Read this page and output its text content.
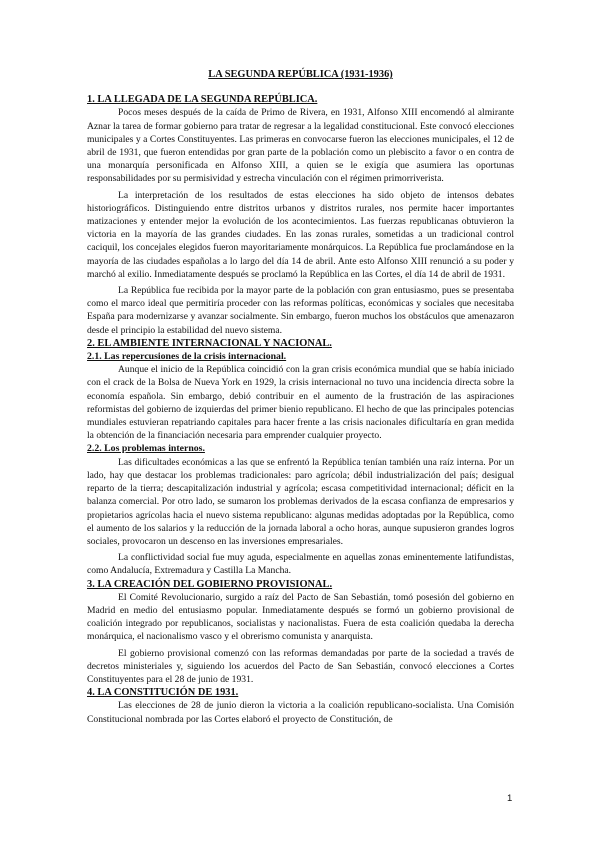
LA SEGUNDA REPÚBLICA (1931-1936)
1. LA LLEGADA DE LA SEGUNDA REPÚBLICA.

Pocos meses después de la caída de Primo de Rivera, en 1931, Alfonso XIII encomendó al almirante Aznar la tarea de formar gobierno para tratar de regresar a la legalidad constitucional. Este convocó elecciones municipales y a Cortes Constituyentes. Las primeras en convocarse fueron las elecciones municipales, el 12 de abril de 1931, que fueron entendidas por gran parte de la población como un plebiscito a favor o en contra de una monarquía personificada en Alfonso XIII, a quien se le exigía que asumiera las oportunas responsabilidades por su permisividad y estrecha vinculación con el régimen primorriverista.

La interpretación de los resultados de estas elecciones ha sido objeto de intensos debates historiográficos. Distinguiendo entre distritos urbanos y distritos rurales, nos permite hacer importantes matizaciones y entender mejor la evolución de los acontecimientos. Las fuerzas republicanas obtuvieron la victoria en la mayoría de las grandes ciudades. En las zonas rurales, sometidas a un tradicional control caciquil, los concejales elegidos fueron mayoritariamente monárquicos. La República fue proclamándose en la mayoría de las ciudades españolas a lo largo del día 14 de abril. Ante esto Alfonso XIII renunció a su poder y marchó al exilio. Inmediatamente después se proclamó la República en las Cortes, el día 14 de abril de 1931.

La República fue recibida por la mayor parte de la población con gran entusiasmo, pues se presentaba como el marco ideal que permitiría proceder con las reformas políticas, económicas y sociales que necesitaba España para modernizarse y avanzar socialmente. Sin embargo, fueron muchos los obstáculos que amenazaron desde el principio la estabilidad del nuevo sistema.

2. EL AMBIENTE INTERNACIONAL Y NACIONAL.
2.1. Las repercusiones de la crisis internacional.

Aunque el inicio de la República coincidió con la gran crisis económica mundial que se había iniciado con el crack de la Bolsa de Nueva York en 1929, la crisis internacional no tuvo una incidencia directa sobre la economía española. Sin embargo, debió contribuir en el aumento de la frustración de las aspiraciones reformistas del gobierno de izquierdas del primer bienio republicano. El hecho de que las principales potencias mundiales estuvieran repatriando capitales para hacer frente a las crisis nacionales dificultaría en gran medida la obtención de la financiación necesaria para emprender cualquier proyecto.

2.2. Los problemas internos.

Las dificultades económicas a las que se enfrentó la República tenían también una raíz interna. Por un lado, hay que destacar los problemas tradicionales: paro agrícola; débil industrialización del país; desigual reparto de la tierra; descapitalización industrial y agrícola; escasa competitividad internacional; déficit en la balanza comercial. Por otro lado, se sumaron los problemas derivados de la escasa confianza de empresarios y propietarios agrícolas hacia el nuevo sistema republicano: algunas medidas adoptadas por la República, como el aumento de los salarios y la reducción de la jornada laboral a ocho horas, aunque supusieron grandes logros sociales, provocaron un descenso en las inversiones empresariales.

La conflictividad social fue muy aguda, especialmente en aquellas zonas eminentemente latifundistas, como Andalucía, Extremadura y Castilla La Mancha.

3. LA CREACIÓN DEL GOBIERNO PROVISIONAL.

El Comité Revolucionario, surgido a raíz del Pacto de San Sebastián, tomó posesión del gobierno en Madrid en medio del entusiasmo popular. Inmediatamente después se formó un gobierno provisional de coalición integrado por republicanos, socialistas y nacionalistas. Fuera de esta coalición quedaba la derecha monárquica, el nacionalismo vasco y el obrerismo comunista y anarquista.

El gobierno provisional comenzó con las reformas demandadas por parte de la sociedad a través de decretos ministeriales y, siguiendo los acuerdos del Pacto de San Sebastián, convocó elecciones a Cortes Constituyentes para el 28 de junio de 1931.

4. LA CONSTITUCIÓN DE 1931.

Las elecciones de 28 de junio dieron la victoria a la coalición republicano-socialista. Una Comisión Constitucional nombrada por las Cortes elaboró el proyecto de Constitución, de

1
